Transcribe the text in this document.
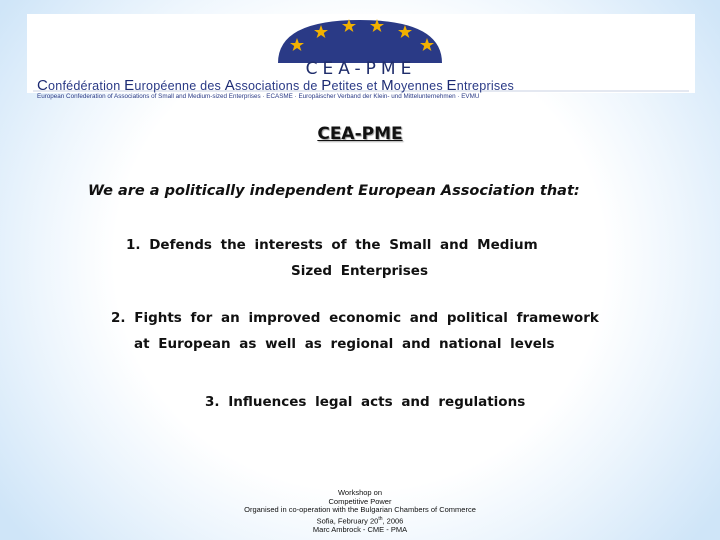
CEA-PME
Confédération Européenne des Associations de Petites et Moyennes Entreprises
European Confederation of Associations of Small and Medium-sized Enterprises · ECASME · Europäischer Verband der Klein- und Mittelunternehmen · EVMU
CEA-PME
We are a politically independent European Association that:
1. Defends the interests of the Small and Medium
Sized Enterprises
2. Fights for an improved economic and political framework
at European as well as regional and national levels
3. Influences legal acts and regulations
Workshop on
Competitive Power
Organised in co-operation with the Bulgarian Chambers of Commerce
Sofia, February 20th, 2006
Marc Ambrock - CME - PMA
